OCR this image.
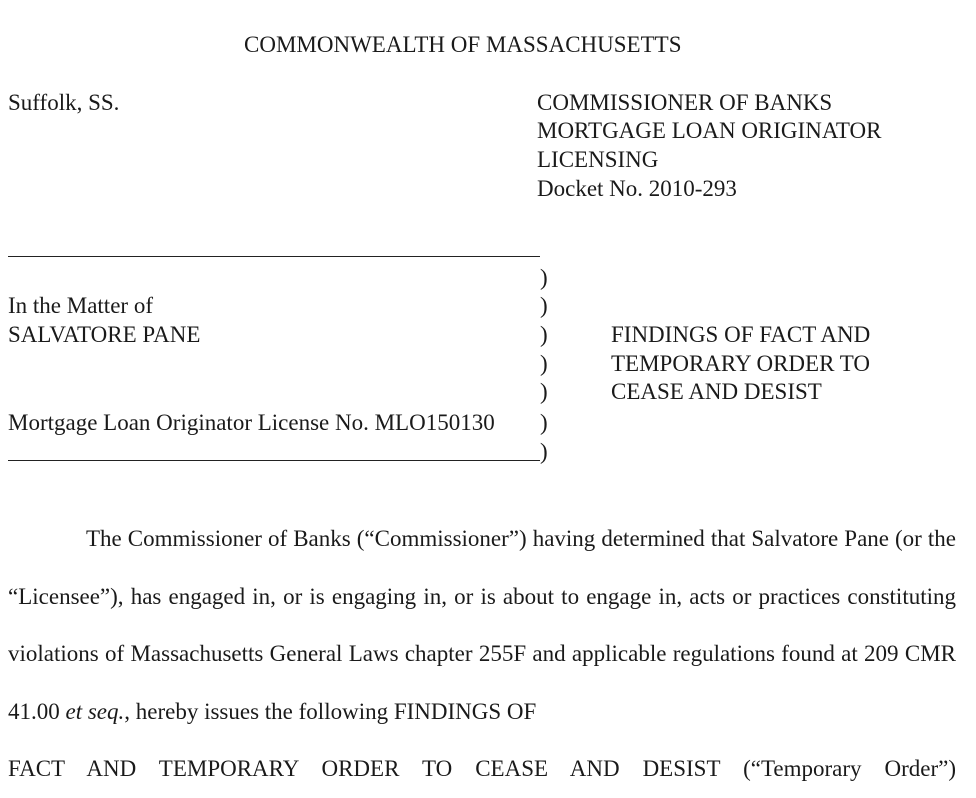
COMMONWEALTH OF MASSACHUSETTS
Suffolk, SS.	COMMISSIONER OF BANKS
MORTGAGE LOAN ORIGINATOR
LICENSING
Docket No. 2010-293
)
)
)
)
)
)
)
In the Matter of
SALVATORE PANE	FINDINGS OF FACT AND
TEMPORARY ORDER TO
CEASE AND DESIST
Mortgage Loan Originator License No. MLO150130
The Commissioner of Banks (“Commissioner”) having determined that Salvatore Pane (or the “Licensee”), has engaged in, or is engaging in, or is about to engage in, acts or practices constituting violations of Massachusetts General Laws chapter 255F and applicable regulations found at 209 CMR 41.00 et seq., hereby issues the following FINDINGS OF
FACT AND TEMPORARY ORDER TO CEASE AND DESIST (“Temporary Order”)
